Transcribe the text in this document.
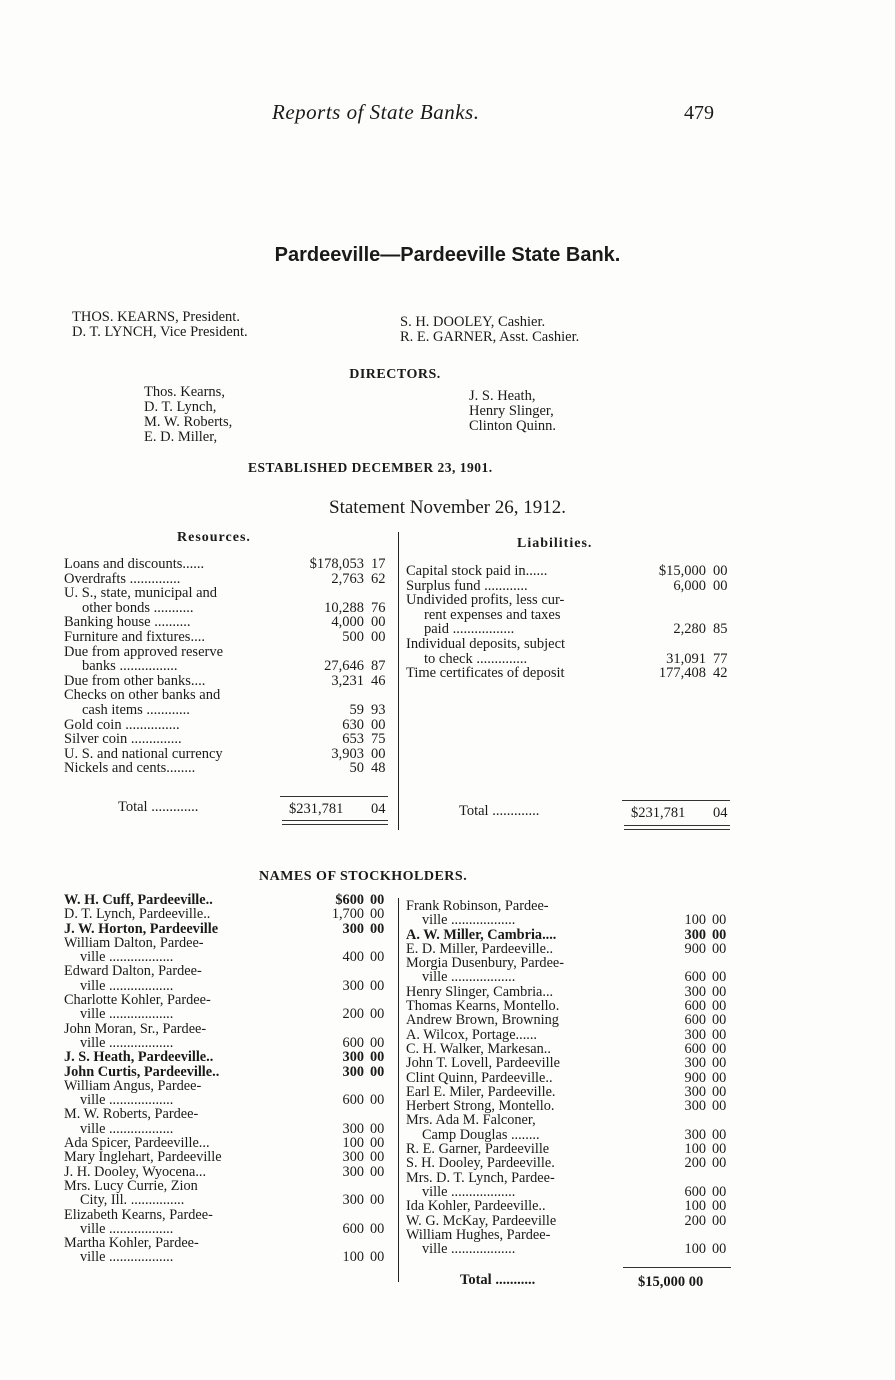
Reports of State Banks.	479
Pardeeville—Pardeeville State Bank.
THOS. KEARNS, President.
D. T. LYNCH, Vice President.
S. H. DOOLEY, Cashier.
R. E. GARNER, Asst. Cashier.
DIRECTORS.
Thos. Kearns,
D. T. Lynch,
M. W. Roberts,
E. D. Miller,
J. S. Heath,
Henry Slinger,
Clinton Quinn.
ESTABLISHED DECEMBER 23, 1901.
Statement November 26, 1912.
Resources.
Loans and discounts......	$178,053 17
Overdrafts ..............	2,763 62
U. S., state, municipal and
other bonds ...........	10,288 76
Banking house ..........	4,000 00
Furniture and fixtures....	500 00
Due from approved reserve
banks ................	27,646 87
Due from other banks....	3,231 46
Checks on other banks and
cash items ............	59 93
Gold coin ...............	630 00
Silver coin ..............	653 75
U. S. and national currency	3,903 00
Nickels and cents........	50 48
Liabilities.
Capital stock paid in......	$15,000 00
Surplus fund ............	6,000 00
Undivided profits, less cur-
rent expenses and taxes
paid .................	2,280 85
Individual deposits, subject
to check ..............	31,091 77
Time certificates of deposit	177,408 42
Total .............	$231,781 04	Total .............	$231,781 04
NAMES OF STOCKHOLDERS.
W. H. Cuff, Pardeeville..	$600 00
D. T. Lynch, Pardeeville..	1,700 00
J. W. Horton, Pardeeville	300 00
William Dalton, Pardee-
ville ..................	400 00
Edward Dalton, Pardee-
ville ..................	300 00
Charlotte Kohler, Pardee-
ville ..................	200 00
John Moran, Sr., Pardee-
ville ..................	600 00
J. S. Heath, Pardeeville..	300 00
John Curtis, Pardeeville..	300 00
William Angus, Pardee-
ville ..................	600 00
M. W. Roberts, Pardee-
ville ..................	300 00
Ada Spicer, Pardeeville...	100 00
Mary Inglehart, Pardeeville	300 00
J. H. Dooley, Wyocena...	300 00
Mrs. Lucy Currie, Zion
City, Ill. ...............	300 00
Elizabeth Kearns, Pardee-
ville ..................	600 00
Martha Kohler, Pardee-
ville ..................	100 00
Frank Robinson, Pardee-
ville ..................	100 00
A. W. Miller, Cambria....	300 00
E. D. Miller, Pardeeville..	900 00
Morgia Dusenbury, Pardee-
ville ..................	600 00
Henry Slinger, Cambria...	300 00
Thomas Kearns, Montello.	600 00
Andrew Brown, Browning	600 00
A. Wilcox, Portage......	300 00
C. H. Walker, Markesan..	600 00
John T. Lovell, Pardeeville	300 00
Clint Quinn, Pardeeville..	900 00
Earl E. Miler, Pardeeville.	300 00
Herbert Strong, Montello.	300 00
Mrs. Ada M. Falconer,
Camp Douglas ........	300 00
R. E. Garner, Pardeeville	100 00
S. H. Dooley, Pardeeville.	200 00
Mrs. D. T. Lynch, Pardee-
ville ..................	600 00
Ida Kohler, Pardeeville..	100 00
W. G. McKay, Pardeeville	200 00
William Hughes, Pardee-
ville ..................	100 00
Total ...........	$15,000 00
